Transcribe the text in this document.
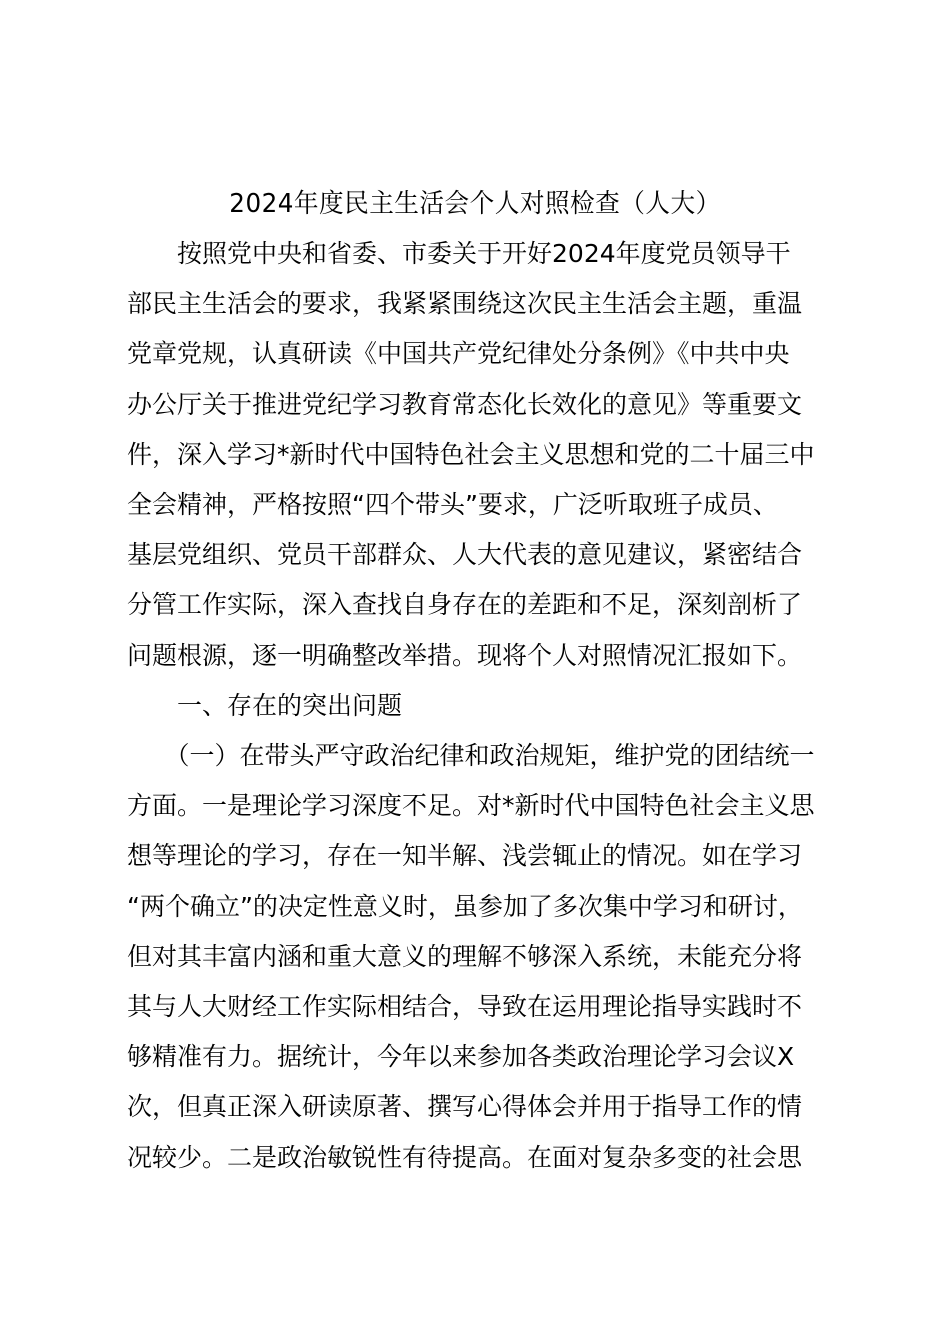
2024年度民主生活会个人对照检查（人大）
　　按照党中央和省委、市委关于开好2024年度党员领导干
部民主生活会的要求，我紧紧围绕这次民主生活会主题，重温
党章党规，认真研读《中国共产党纪律处分条例》《中共中央
办公厅关于推进党纪学习教育常态化长效化的意见》等重要文
件，深入学习*新时代中国特色社会主义思想和党的二十届三中
全会精神，严格按照“四个带头”要求，广泛听取班子成员、
基层党组织、党员干部群众、人大代表的意见建议，紧密结合
分管工作实际，深入查找自身存在的差距和不足，深刻剖析了
问题根源，逐一明确整改举措。现将个人对照情况汇报如下。
　　一、存在的突出问题
　　（一）在带头严守政治纪律和政治规矩，维护党的团结统一
方面。一是理论学习深度不足。对*新时代中国特色社会主义思
想等理论的学习，存在一知半解、浅尝辄止的情况。如在学习
“两个确立”的决定性意义时，虽参加了多次集中学习和研讨，
但对其丰富内涵和重大意义的理解不够深入系统，未能充分将
其与人大财经工作实际相结合，导致在运用理论指导实践时不
够精准有力。据统计，今年以来参加各类政治理论学习会议X
次，但真正深入研读原著、撰写心得体会并用于指导工作的情
况较少。二是政治敏锐性有待提高。在面对复杂多变的社会思
